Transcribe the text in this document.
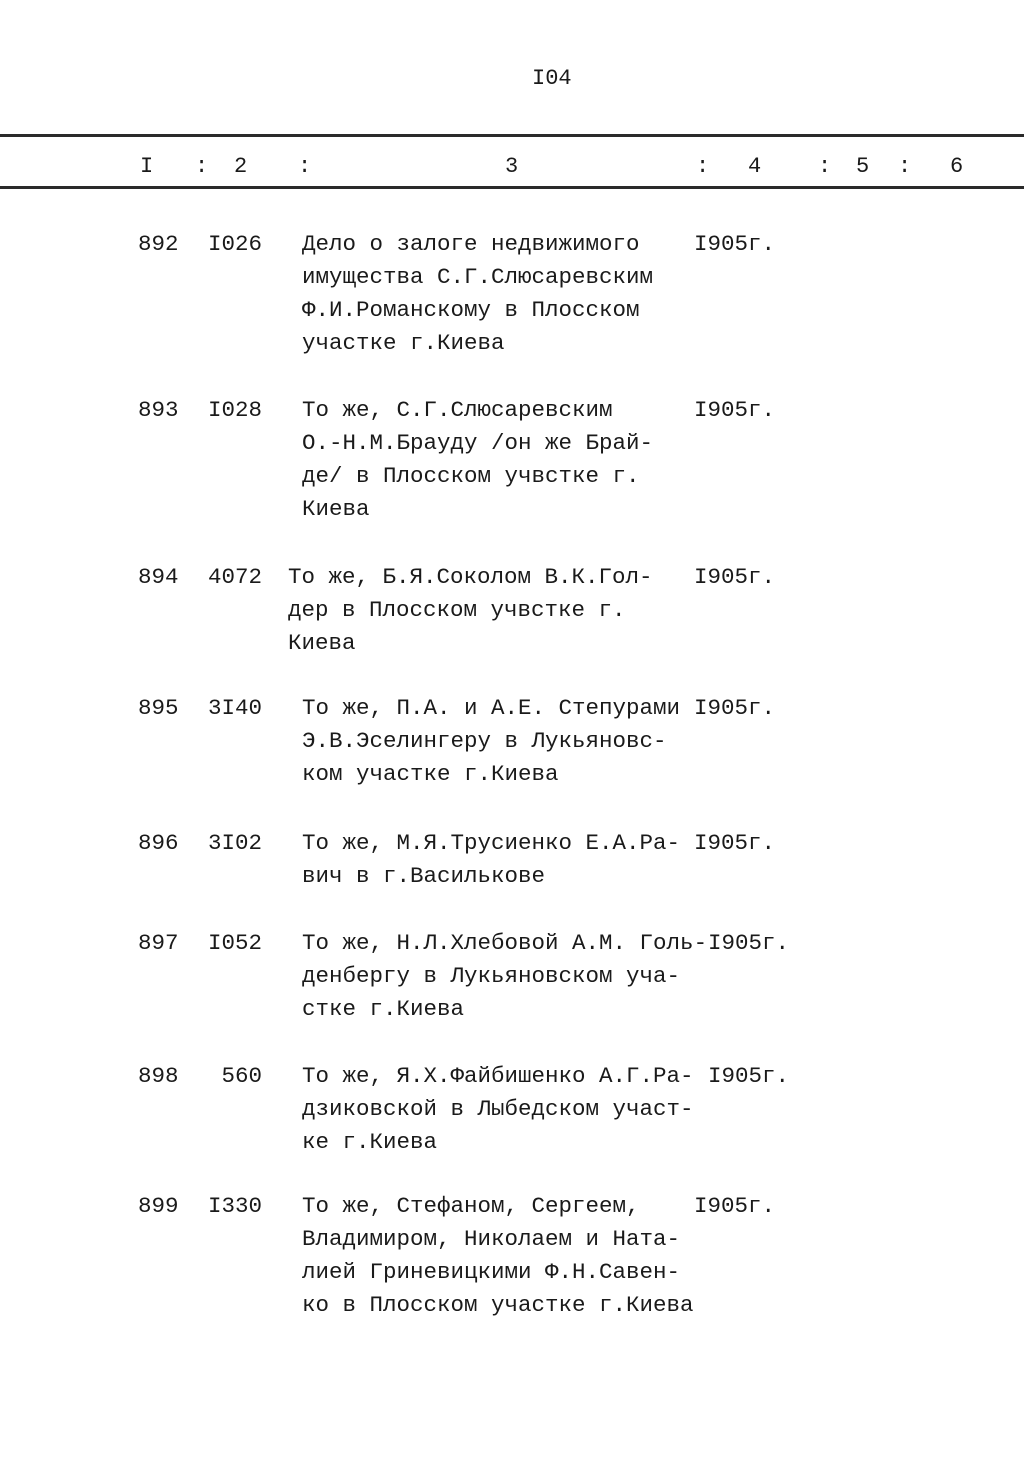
I04
I : 2 :	3	: 4	: 5 : 6
892	I026 Дело о залоге недвижимого
имущества С.Г.Слюсаревским
Ф.И.Романскому в Плосском
участке г.Киева
I905г.
893	I028 То же, С.Г.Слюсаревским
О.-Н.М.Брауду /он же Брай-
де/ в Плосском учвстке г.
Киева
I905г.
894	4072 То же, Б.Я.Соколом В.К.Гол-
дер в Плосском учвстке г.
Киева
I905г.
895	3I40 То же, П.А. и А.Е. Степурами
Э.В.Эселингеру в Лукьяновс-
ком участке г.Киева
I905г.
896	3I02 То же, М.Я.Трусиенко Е.А.Ра-
вич в г.Василькове
I905г.
897	I052 То же, Н.Л.Хлебовой А.М. Голь-
денбергу в Лукьяновском уча-
стке г.Киева
I905г.
898	560 То же, Я.Х.Файбишенко А.Г.Ра-
дзиковской в Лыбедском участ-
ке г.Киева
I905г.
899	I330 То же, Стефаном, Сергеем,
Владимиром, Николаем и Ната-
лией Гриневицкими Ф.Н.Савен-
ко в Плосском участке г.Киева
I905г.
